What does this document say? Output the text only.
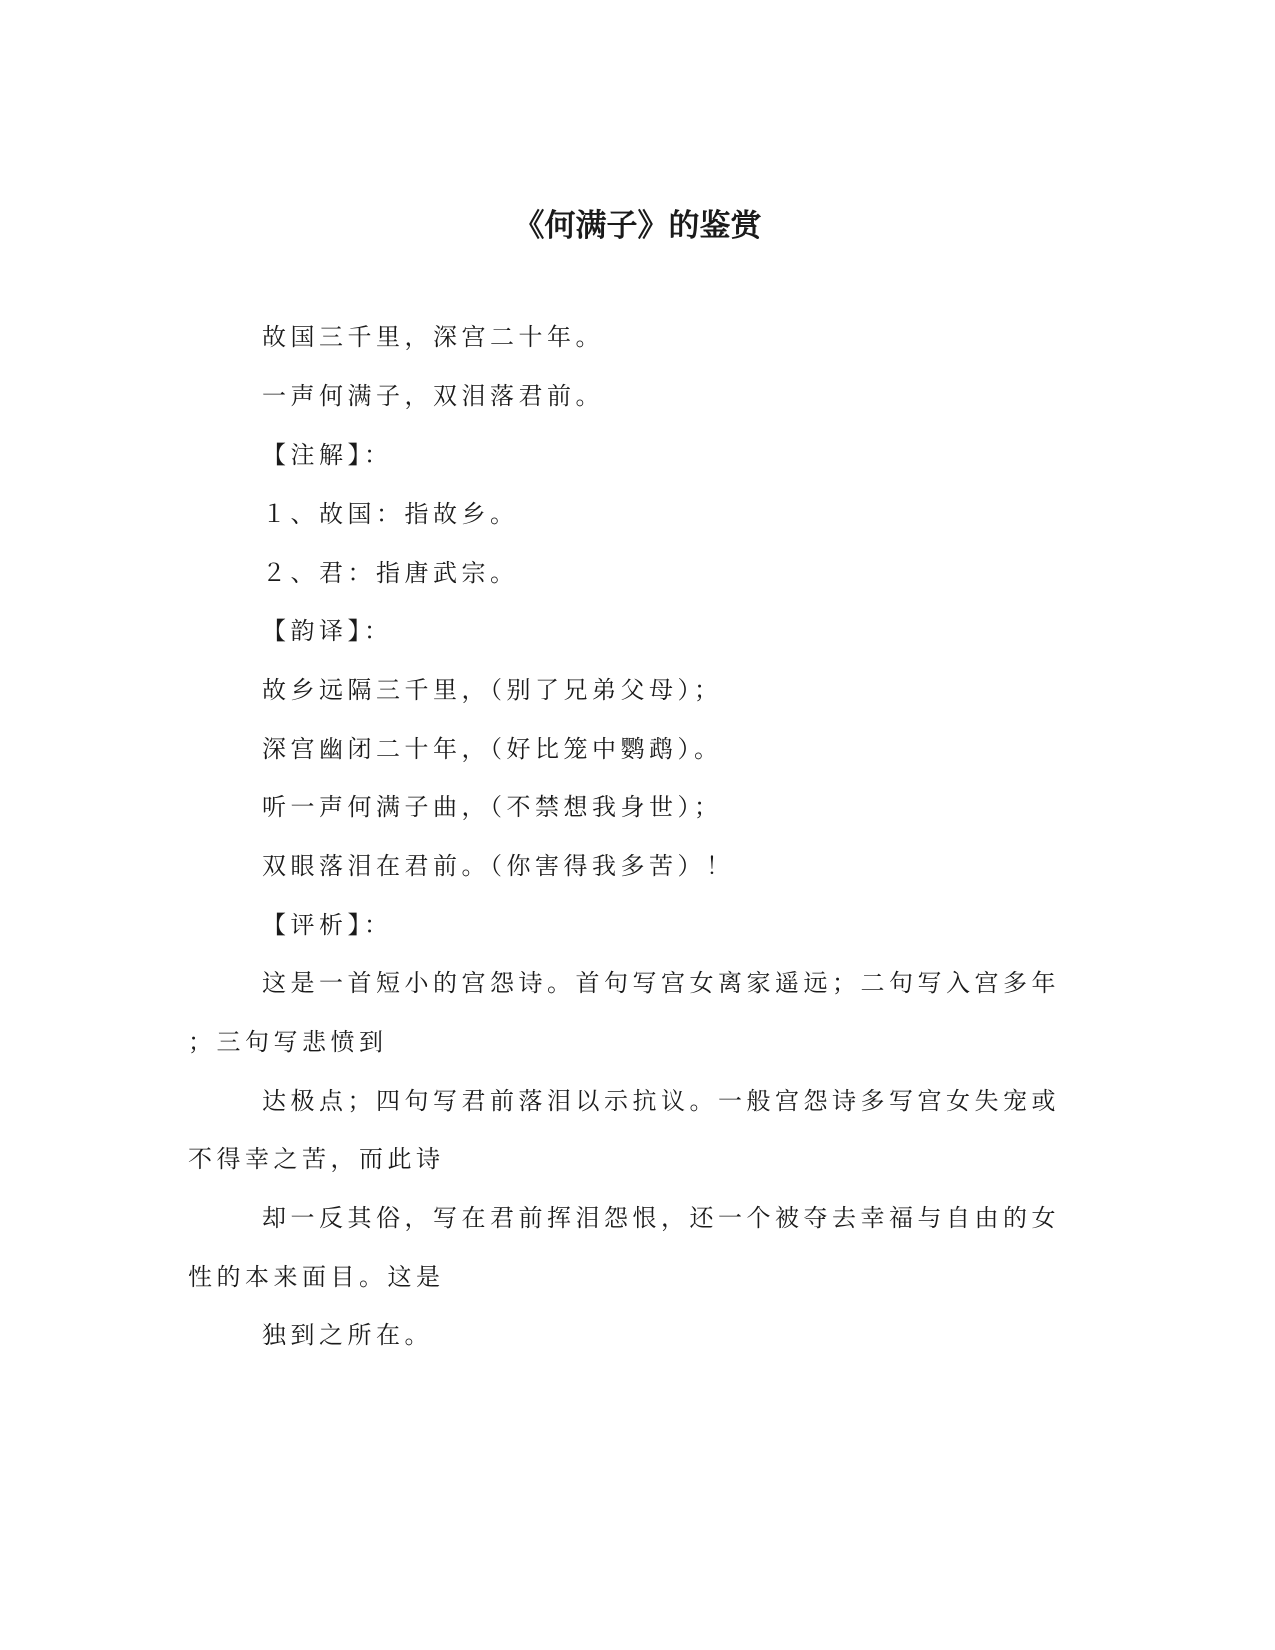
《何满子》的鉴赏
故国三千里，深宫二十年。
一声何满子，双泪落君前。
【注解】：
１、故国：指故乡。
２、君：指唐武宗。
【韵译】：
故乡远隔三千里，（别了兄弟父母）；
深宫幽闭二十年，（好比笼中鹦鹉）。
听一声何满子曲，（不禁想我身世）；
双眼落泪在君前。（你害得我多苦）！
【评析】：
这是一首短小的宫怨诗。首句写宫女离家遥远；二句写入宫多年
；三句写悲愤到
达极点；四句写君前落泪以示抗议。一般宫怨诗多写宫女失宠或
不得幸之苦，而此诗
却一反其俗，写在君前挥泪怨恨，还一个被夺去幸福与自由的女
性的本来面目。这是
独到之所在。
